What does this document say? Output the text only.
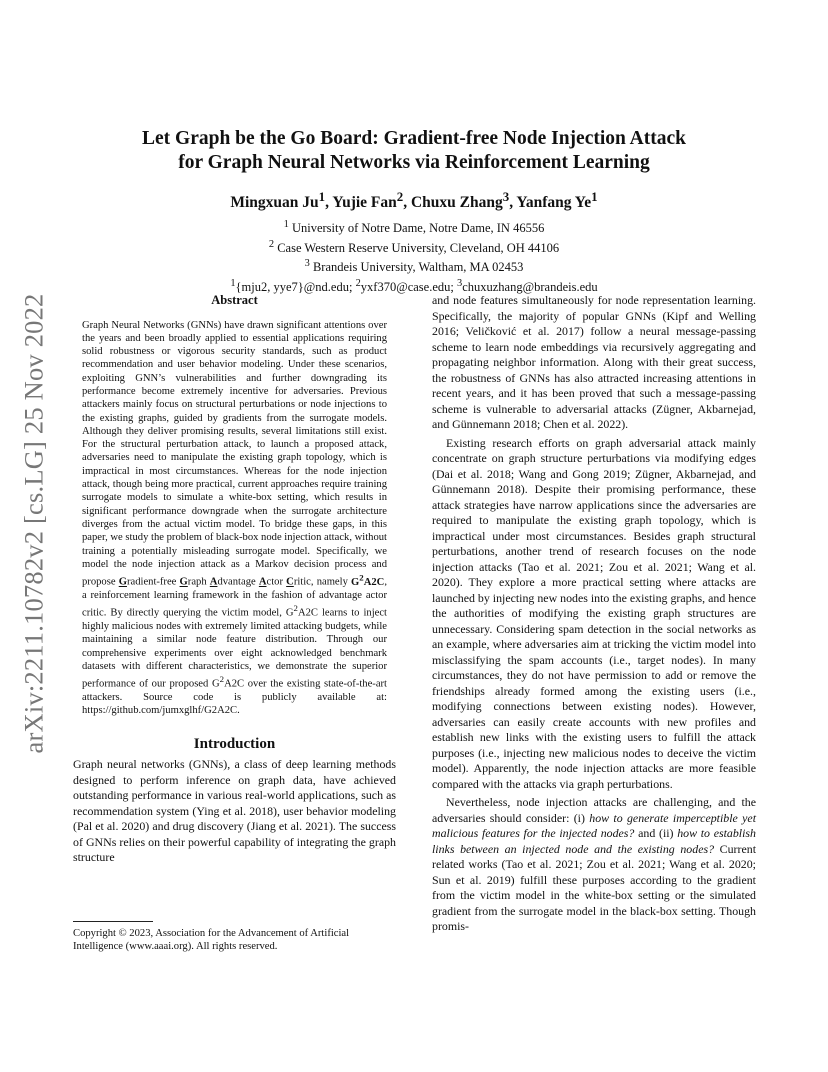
arXiv:2211.10782v2 [cs.LG] 25 Nov 2022
Let Graph be the Go Board: Gradient-free Node Injection Attack
for Graph Neural Networks via Reinforcement Learning
Mingxuan Ju$^1$, Yujie Fan$^2$, Chuxu Zhang$^3$, Yanfang Ye$^1$
$^1$ University of Notre Dame, Notre Dame, IN 46556
$^2$ Case Western Reserve University, Cleveland, OH 44106
$^3$ Brandeis University, Waltham, MA 02453
$^1${mju2, yye7}@nd.edu; $^2$yxf370@case.edu; $^3$chuxuzhang@brandeis.edu
Abstract

Graph Neural Networks (GNNs) have drawn significant attentions over the years and been broadly applied to essential applications requiring solid robustness or vigorous security standards, such as product recommendation and user behavior modeling. Under these scenarios, exploiting GNN’s vulnerabilities and further downgrading its performance become extremely incentive for adversaries. Previous attackers mainly focus on structural perturbations or node injections to the existing graphs, guided by gradients from the surrogate models. Although they deliver promising results, several limitations still exist. For the structural perturbation attack, to launch a proposed attack, adversaries need to manipulate the existing graph topology, which is impractical in most circumstances. Whereas for the node injection attack, though being more practical, current approaches require training surrogate models to simulate a white-box setting, which results in significant performance downgrade when the surrogate architecture diverges from the actual victim model. To bridge these gaps, in this paper, we study the problem of black-box node injection attack, without training a potentially misleading surrogate model. Specifically, we model the node injection attack as a Markov decision process and propose Gradient-free Graph Advantage Actor Critic, namely $G^2A2C$, a reinforcement learning framework in the fashion of advantage actor critic. By directly querying the victim model, $G^2A2C$ learns to inject highly malicious nodes with extremely limited attacking budgets, while maintaining a similar node feature distribution. Through our comprehensive experiments over eight acknowledged benchmark datasets with different characteristics, we demonstrate the superior performance of our proposed $G^2A2C$ over the existing state-of-the-art attackers. Source code is publicly available at: https://github.com/jumxglhf/G2A2C.

Introduction

Graph neural networks (GNNs), a class of deep learning methods designed to perform inference on graph data, have achieved outstanding performance in various real-world applications, such as recommendation system (Ying et al. 2018), user behavior modeling (Pal et al. 2020) and drug discovery (Jiang et al. 2021). The success of GNNs relies on their powerful capability of integrating the graph structure

Copyright © 2023, Association for the Advancement of Artificial Intelligence (www.aaai.org). All rights reserved.

and node features simultaneously for node representation learning. Specifically, the majority of popular GNNs (Kipf and Welling 2016; Veličković et al. 2017) follow a neural message-passing scheme to learn node embeddings via recursively aggregating and propagating neighbor information. Along with their great success, the robustness of GNNs has also attracted increasing attentions in recent years, and it has been proved that such a message-passing scheme is vulnerable to adversarial attacks (Zügner, Akbarnejad, and Günnemann 2018; Chen et al. 2022).

Existing research efforts on graph adversarial attack mainly concentrate on graph structure perturbations via modifying edges (Dai et al. 2018; Wang and Gong 2019; Zügner, Akbarnejad, and Günnemann 2018). Despite their promising performance, these attack strategies have narrow applications since the adversaries are required to manipulate the existing graph topology, which is impractical under most circumstances. Besides graph structural perturbations, another trend of research focuses on the node injection attacks (Tao et al. 2021; Zou et al. 2021; Wang et al. 2020). They explore a more practical setting where attacks are launched by injecting new nodes into the existing graphs, and hence the authorities of modifying the existing graph structures are unnecessary. Considering spam detection in the social networks as an example, where adversaries aim at tricking the victim model into misclassifying the spam accounts (i.e., target nodes). In many circumstances, they do not have permission to add or remove the friendships already formed among the existing users (i.e., modifying connections between existing nodes). However, adversaries can easily create accounts with new profiles and establish new links with the existing users to fulfill the attack purposes (i.e., injecting new malicious nodes to deceive the victim model). Apparently, the node injection attacks are more feasible compared with the attacks via graph perturbations.

Nevertheless, node injection attacks are challenging, and the adversaries should consider: (i) how to generate imperceptible yet malicious features for the injected nodes? and (ii) how to establish links between an injected node and the existing nodes? Current related works (Tao et al. 2021; Zou et al. 2021; Wang et al. 2020; Sun et al. 2019) fulfill these purposes according to the gradient from the victim model in the white-box setting or the simulated gradient from the surrogate model in the black-box setting. Though promis-
